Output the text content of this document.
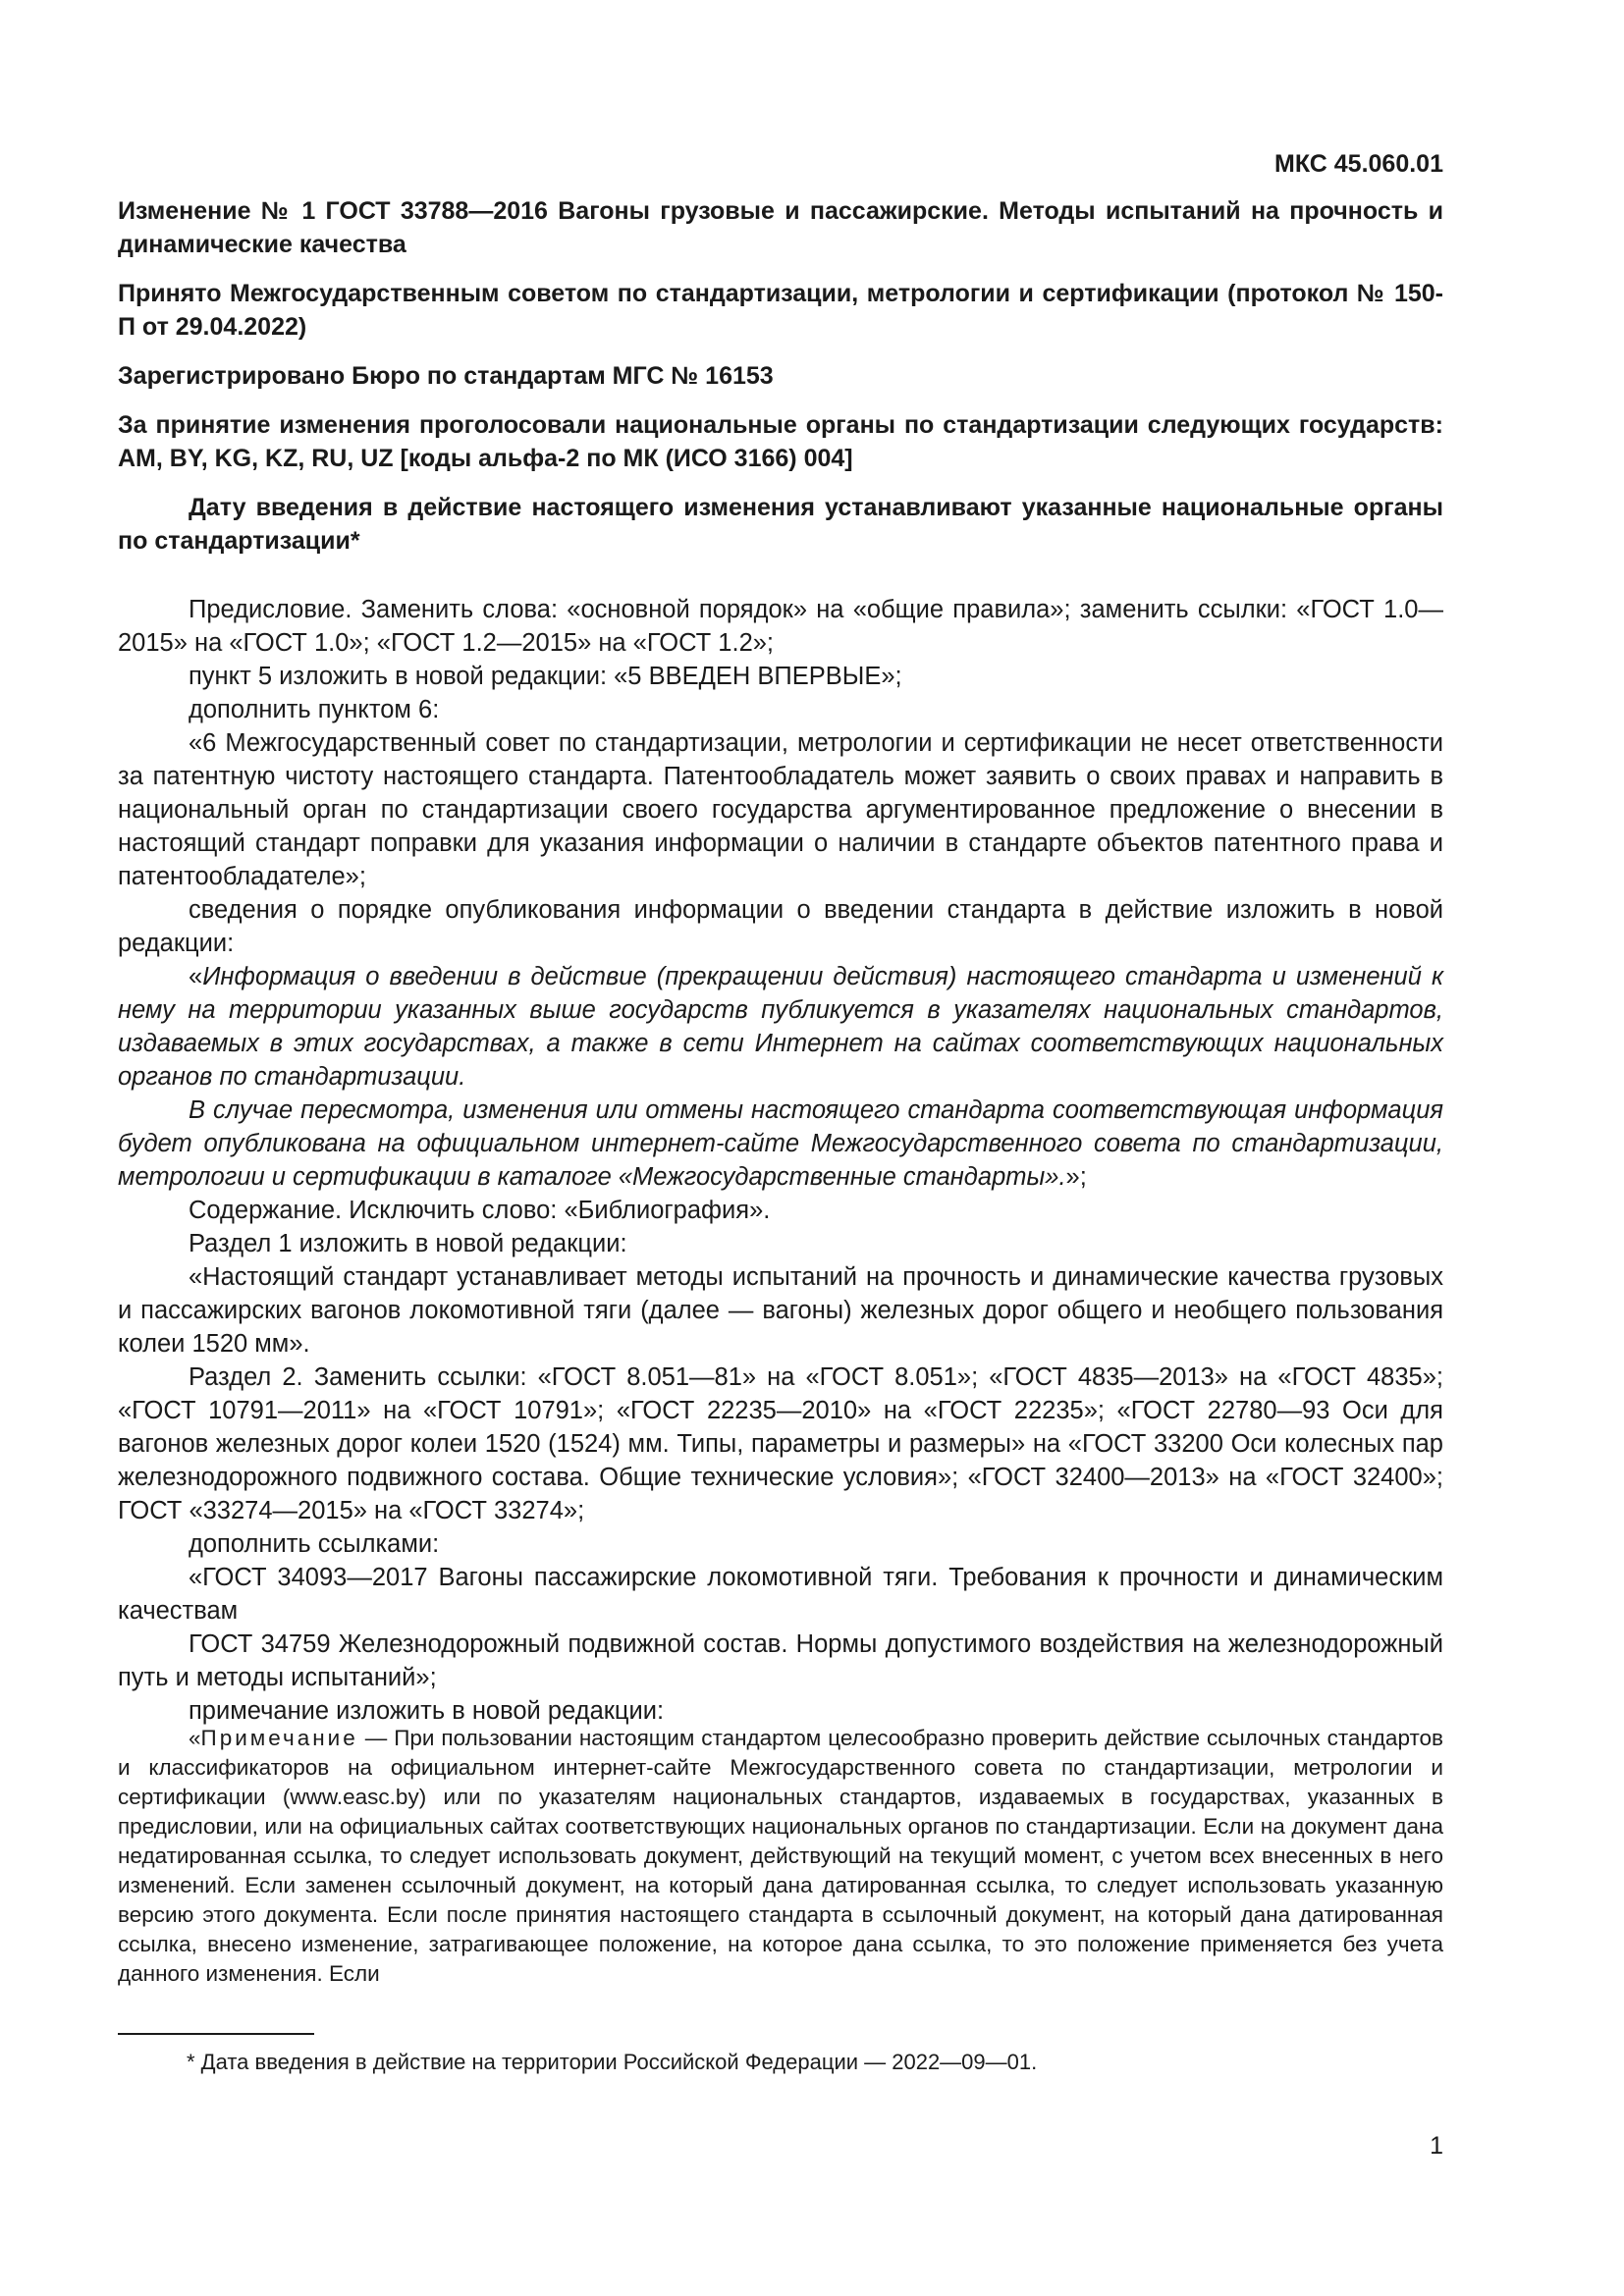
МКС 45.060.01
Изменение № 1 ГОСТ 33788—2016 Вагоны грузовые и пассажирские. Методы испытаний на прочность и динамические качества
Принято Межгосударственным советом по стандартизации, метрологии и сертификации (протокол № 150-П от 29.04.2022)
Зарегистрировано Бюро по стандартам МГС № 16153
За принятие изменения проголосовали национальные органы по стандартизации следующих государств: AM, BY, KG, KZ, RU, UZ [коды альфа-2 по МК (ИСО 3166) 004]
Дату введения в действие настоящего изменения устанавливают указанные национальные органы по стандартизации*

Предисловие. Заменить слова: «основной порядок» на «общие правила»; заменить ссылки: «ГОСТ 1.0—2015» на «ГОСТ 1.0»; «ГОСТ 1.2—2015» на «ГОСТ 1.2»;

пункт 5 изложить в новой редакции: «5 ВВЕДЕН ВПЕРВЫЕ»;

дополнить пунктом 6:

«6 Межгосударственный совет по стандартизации, метрологии и сертификации не несет ответственности за патентную чистоту настоящего стандарта. Патентообладатель может заявить о своих правах и направить в национальный орган по стандартизации своего государства аргументированное предложение о внесении в настоящий стандарт поправки для указания информации о наличии в стандарте объектов патентного права и патентообладателе»;

сведения о порядке опубликования информации о введении стандарта в действие изложить в новой редакции:

«Информация о введении в действие (прекращении действия) настоящего стандарта и изменений к нему на территории указанных выше государств публикуется в указателях национальных стандартов, издаваемых в этих государствах, а также в сети Интернет на сайтах соответствующих национальных органов по стандартизации.

В случае пересмотра, изменения или отмены настоящего стандарта соответствующая информация будет опубликована на официальном интернет-сайте Межгосударственного совета по стандартизации, метрологии и сертификации в каталоге «Межгосударственные стандарты».»;

Содержание. Исключить слово: «Библиография».

Раздел 1 изложить в новой редакции:

«Настоящий стандарт устанавливает методы испытаний на прочность и динамические качества грузовых и пассажирских вагонов локомотивной тяги (далее — вагоны) железных дорог общего и необщего пользования колеи 1520 мм».

Раздел 2. Заменить ссылки: «ГОСТ 8.051—81» на «ГОСТ 8.051»; «ГОСТ 4835—2013» на «ГОСТ 4835»; «ГОСТ 10791—2011» на «ГОСТ 10791»; «ГОСТ 22235—2010» на «ГОСТ 22235»; «ГОСТ 22780—93 Оси для вагонов железных дорог колеи 1520 (1524) мм. Типы, параметры и размеры» на «ГОСТ 33200 Оси колесных пар железнодорожного подвижного состава. Общие технические условия»; «ГОСТ 32400—2013» на «ГОСТ 32400»; ГОСТ «33274—2015» на «ГОСТ 33274»;

дополнить ссылками:

«ГОСТ 34093—2017 Вагоны пассажирские локомотивной тяги. Требования к прочности и динамическим качествам

ГОСТ 34759 Железнодорожный подвижной состав. Нормы допустимого воздействия на железнодорожный путь и методы испытаний»;

примечание изложить в новой редакции:

«Примечание — При пользовании настоящим стандартом целесообразно проверить действие ссылочных стандартов и классификаторов на официальном интернет-сайте Межгосударственного совета по стандартизации, метрологии и сертификации (www.easc.by) или по указателям национальных стандартов, издаваемых в государствах, указанных в предисловии, или на официальных сайтах соответствующих национальных органов по стандартизации. Если на документ дана недатированная ссылка, то следует использовать документ, действующий на текущий момент, с учетом всех внесенных в него изменений. Если заменен ссылочный документ, на который дана датированная ссылка, то следует использовать указанную версию этого документа. Если после принятия настоящего стандарта в ссылочный документ, на который дана датированная ссылка, внесено изменение, затрагивающее положение, на которое дана ссылка, то это положение применяется без учета данного изменения. Если

* Дата введения в действие на территории Российской Федерации — 2022—09—01.
1
